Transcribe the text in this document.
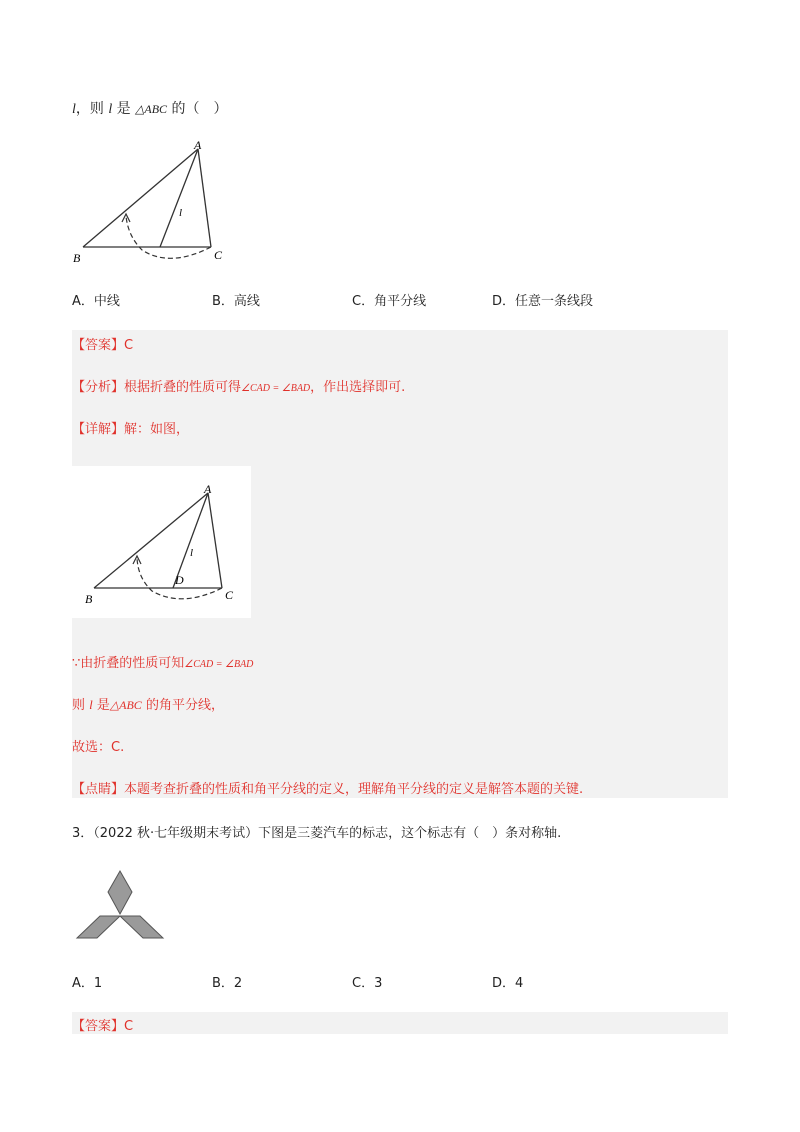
l，则 l 是 △ABC 的（　）
A
B	C
l
A．中线	B．高线	C．角平分线	D．任意一条线段
【答案】C
【分析】根据折叠的性质可得∠CAD = ∠BAD，作出选择即可.
【详解】解：如图，
A
B	C
D
l
∵由折叠的性质可知∠CAD = ∠BAD
则 l 是△ABC 的角平分线，
故选：C.
【点睛】本题考查折叠的性质和角平分线的定义，理解角平分线的定义是解答本题的关键.
3．（2022 秋·七年级期末考试）下图是三菱汽车的标志，这个标志有（　）条对称轴.
A．1	B．2	C．3	D．4
【答案】C
